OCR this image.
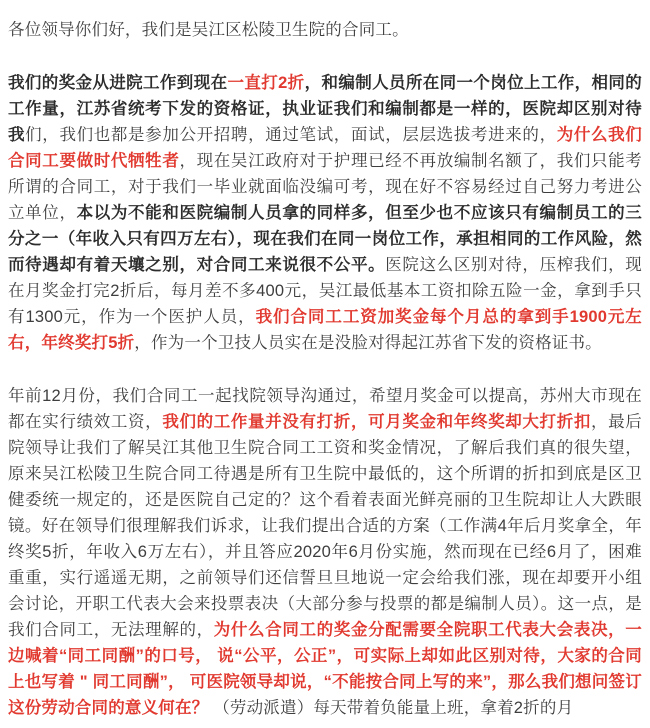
各位领导你们好，我们是吴江区松陵卫生院的合同工。

我们的奖金从进院工作到现在一直打2折，和编制人员所在同一个岗位上工作，相同的工作量，江苏省统考下发的资格证，执业证我们和编制都是一样的，医院却区别对待我们，我们也都是参加公开招聘，通过笔试，面试，层层选拔考进来的，为什么我们合同工要做时代牺牲者，现在吴江政府对于护理已经不再放编制名额了，我们只能考所谓的合同工，对于我们一毕业就面临没编可考，现在好不容易经过自己努力考进公立单位，本以为不能和医院编制人员拿的同样多，但至少也不应该只有编制员工的三分之一（年收入只有四万左右），现在我们在同一岗位工作，承担相同的工作风险，然而待遇却有着天壤之别，对合同工来说很不公平。医院这么区别对待，压榨我们，现在月奖金打完2折后，每月差不多400元，吴江最低基本工资扣除五险一金，拿到手只有1300元，作为一个医护人员，我们合同工工资加奖金每个月总的拿到手1900元左右，年终奖打5折，作为一个卫技人员实在是没脸对得起江苏省下发的资格证书。

年前12月份，我们合同工一起找院领导沟通过，希望月奖金可以提高，苏州大市现在都在实行绩效工资，我们的工作量并没有打折，可月奖金和年终奖却大打折扣，最后院领导让我们了解吴江其他卫生院合同工工资和奖金情况，了解后我们真的很失望，原来吴江松陵卫生院合同工待遇是所有卫生院中最低的，这个所谓的折扣到底是区卫健委统一规定的，还是医院自己定的？这个看着表面光鲜亮丽的卫生院却让人大跌眼镜。好在领导们很理解我们诉求，让我们提出合适的方案（工作满4年后月奖拿全，年终奖5折，年收入6万左右），并且答应2020年6月份实施，然而现在已经6月了，困难重重，实行遥遥无期，之前领导们还信誓旦旦地说一定会给我们涨，现在却要开小组会讨论，开职工代表大会来投票表决（大部分参与投票的都是编制人员）。这一点，是我们合同工，无法理解的，为什么合同工的奖金分配需要全院职工代表大会表决，一边喊着“同工同酬”的口号， 说“公平，公正”，可实际上却如此区别对待，大家的合同上也写着 " 同工同酬”， 可医院领导却说，“不能按合同上写的来”，那么我们想问签订这份劳动合同的意义何在？ （劳动派遣）每天带着负能量上班，拿着2折的月
